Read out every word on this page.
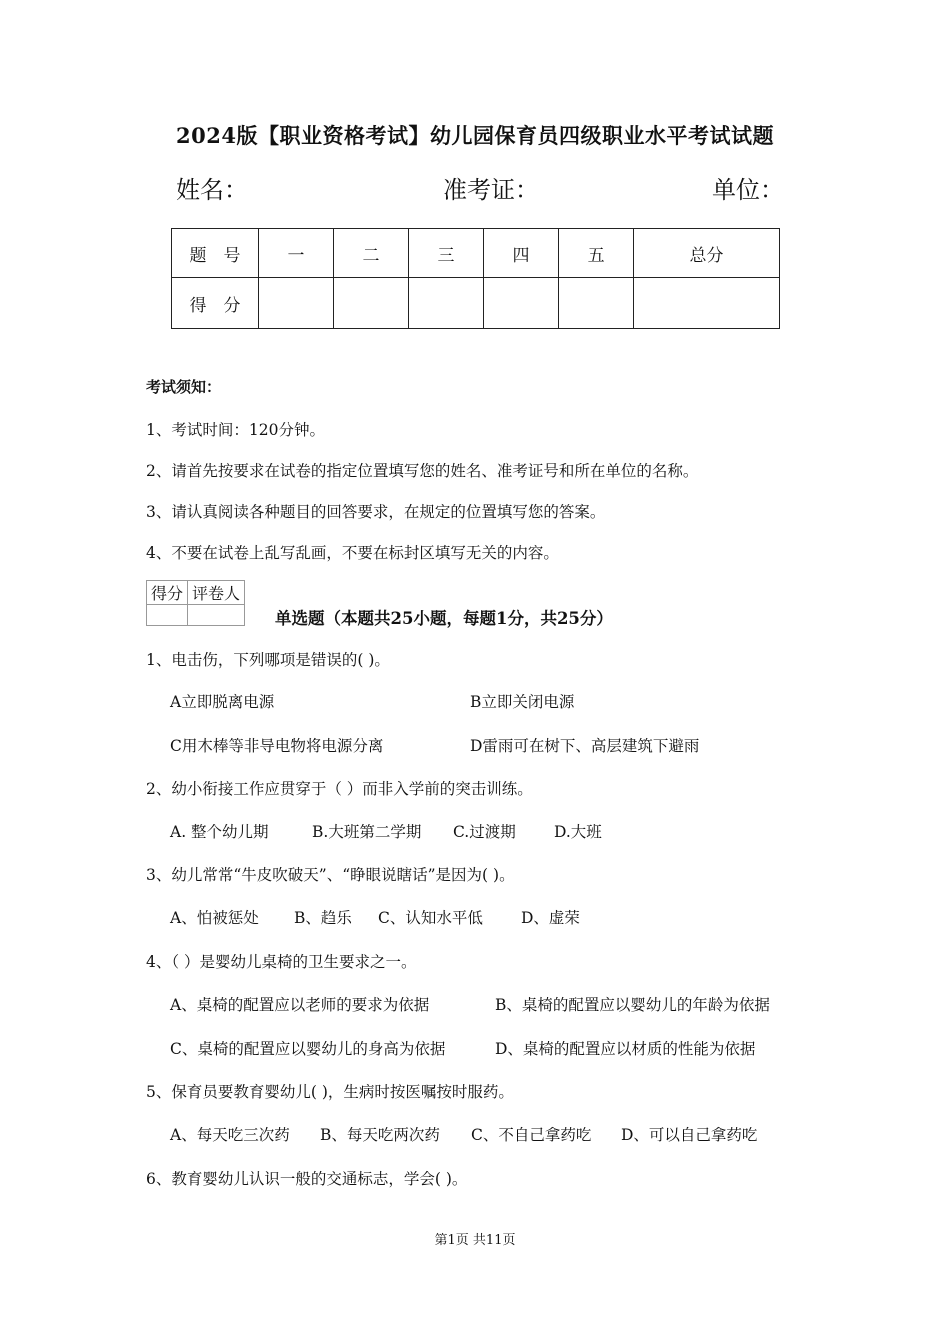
2024版【职业资格考试】幼儿园保育员四级职业水平考试试题
姓名：	准考证：	单位：
题　号	一	二	三	四	五	总分
得　分						
考试须知：
1、考试时间：120分钟。
2、请首先按要求在试卷的指定位置填写您的姓名、准考证号和所在单位的名称。
3、请认真阅读各种题目的回答要求，在规定的位置填写您的答案。
4、不要在试卷上乱写乱画，不要在标封区填写无关的内容。
得分	评卷人

单选题（本题共25小题，每题1分，共25分）
1、电击伤，下列哪项是错误的( )。
A立即脱离电源	B立即关闭电源
C用木棒等非导电物将电源分离	D雷雨可在树下、高层建筑下避雨
2、幼小衔接工作应贯穿于（ ）而非入学前的突击训练。
A. 整个幼儿期	B.大班第二学期 C.过渡期 D.大班
3、幼儿常常“牛皮吹破天”、“睁眼说瞎话”是因为( )。
A、怕被惩处 B、趋乐 C、认知水平低 D、虚荣
4、（ ）是婴幼儿桌椅的卫生要求之一。
A、桌椅的配置应以老师的要求为依据	B、桌椅的配置应以婴幼儿的年龄为依据
C、桌椅的配置应以婴幼儿的身高为依据	D、桌椅的配置应以材质的性能为依据
5、保育员要教育婴幼儿( )，生病时按医嘱按时服药。
A、每天吃三次药 B、每天吃两次药 C、不自己拿药吃 D、可以自己拿药吃
6、教育婴幼儿认识一般的交通标志，学会( )。
第1页 共11页
